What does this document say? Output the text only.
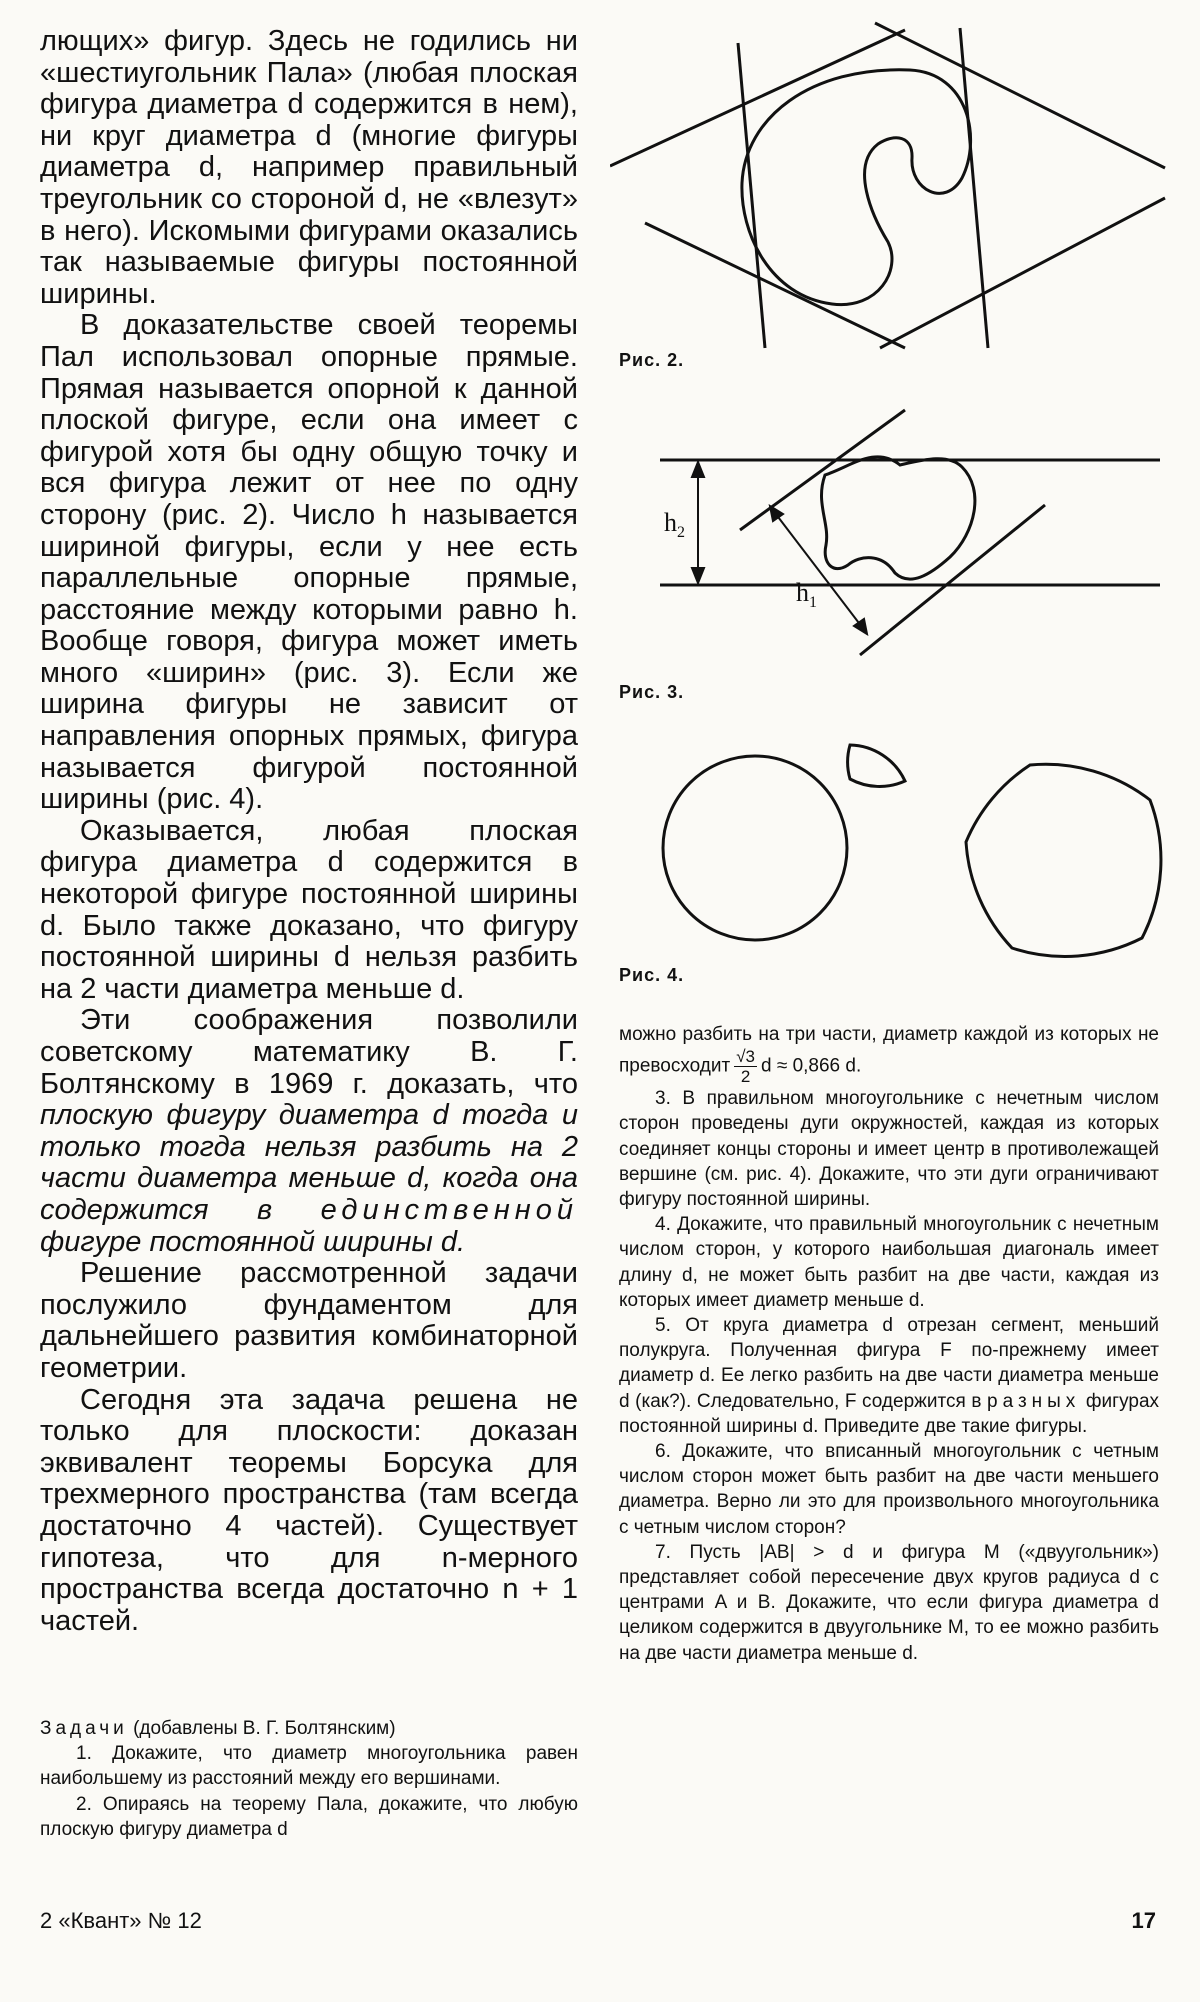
лющих» фигур. Здесь не годились ни «шестиугольник Пала» (любая плоская фигура диаметра d содержится в нем), ни круг диаметра d (многие фигуры диаметра d, например правильный треугольник со стороной d, не «влезут» в него). Искомыми фигурами оказались так называемые фигуры постоянной ширины.

В доказательстве своей теоремы Пал использовал опорные прямые. Прямая называется опорной к данной плоской фигуре, если она имеет с фигурой хотя бы одну общую точку и вся фигура лежит от нее по одну сторону (рис. 2). Число h называется шириной фигуры, если у нее есть параллельные опорные прямые, расстояние между которыми равно h. Вообще говоря, фигура может иметь много «ширин» (рис. 3). Если же ширина фигуры не зависит от направления опорных прямых, фигура называется фигурой постоянной ширины (рис. 4).

Оказывается, любая плоская фигура диаметра d содержится в некоторой фигуре постоянной ширины d. Было также доказано, что фигуру постоянной ширины d нельзя разбить на 2 части диаметра меньше d.

Эти соображения позволили советскому математику В. Г. Болтянскому в 1969 г. доказать, что плоскую фигуру диаметра d тогда и только тогда нельзя разбить на 2 части диаметра меньше d, когда она содержится в единственной фигуре постоянной ширины d.

Решение рассмотренной задачи послужило фундаментом для дальнейшего развития комбинаторной геометрии.

Сегодня эта задача решена не только для плоскости: доказан эквивалент теоремы Борсука для трехмерного пространства (там всегда достаточно 4 частей). Существует гипотеза, что для n-мерного пространства всегда достаточно n + 1 частей.

Задачи (добавлены В. Г. Болтянским)

1. Докажите, что диаметр многоугольника равен наибольшему из расстояний между его вершинами.

2. Опираясь на теорему Пала, докажите, что любую плоскую фигуру диаметра d

Рис. 2.
$h_2$
$h_1$
Рис. 3.
Рис. 4.

можно разбить на три части, диаметр каждой из которых не превосходит $\frac{√3}{2}$ d ≈ 0,866 d.

3. В правильном многоугольнике с нечетным числом сторон проведены дуги окружностей, каждая из которых соединяет концы стороны и имеет центр в противолежащей вершине (см. рис. 4). Докажите, что эти дуги ограничивают фигуру постоянной ширины.

4. Докажите, что правильный многоугольник с нечетным числом сторон, у которого наибольшая диагональ имеет длину d, не может быть разбит на две части, каждая из которых имеет диаметр меньше d.

5. От круга диаметра d отрезан сегмент, меньший полукруга. Полученная фигура F по-прежнему имеет диаметр d. Ее легко разбить на две части диаметра меньше d (как?). Следовательно, F содержится в разных фигурах постоянной ширины d. Приведите две такие фигуры.

6. Докажите, что вписанный многоугольник с четным числом сторон может быть разбит на две части меньшего диаметра. Верно ли это для произвольного многоугольника с четным числом сторон?

7. Пусть |AB| > d и фигура M («двуугольник») представляет собой пересечение двух кругов радиуса d с центрами A и B. Докажите, что если фигура диаметра d целиком содержится в двуугольнике M, то ее можно разбить на две части диаметра меньше d.

2 «Квант» № 12	17
